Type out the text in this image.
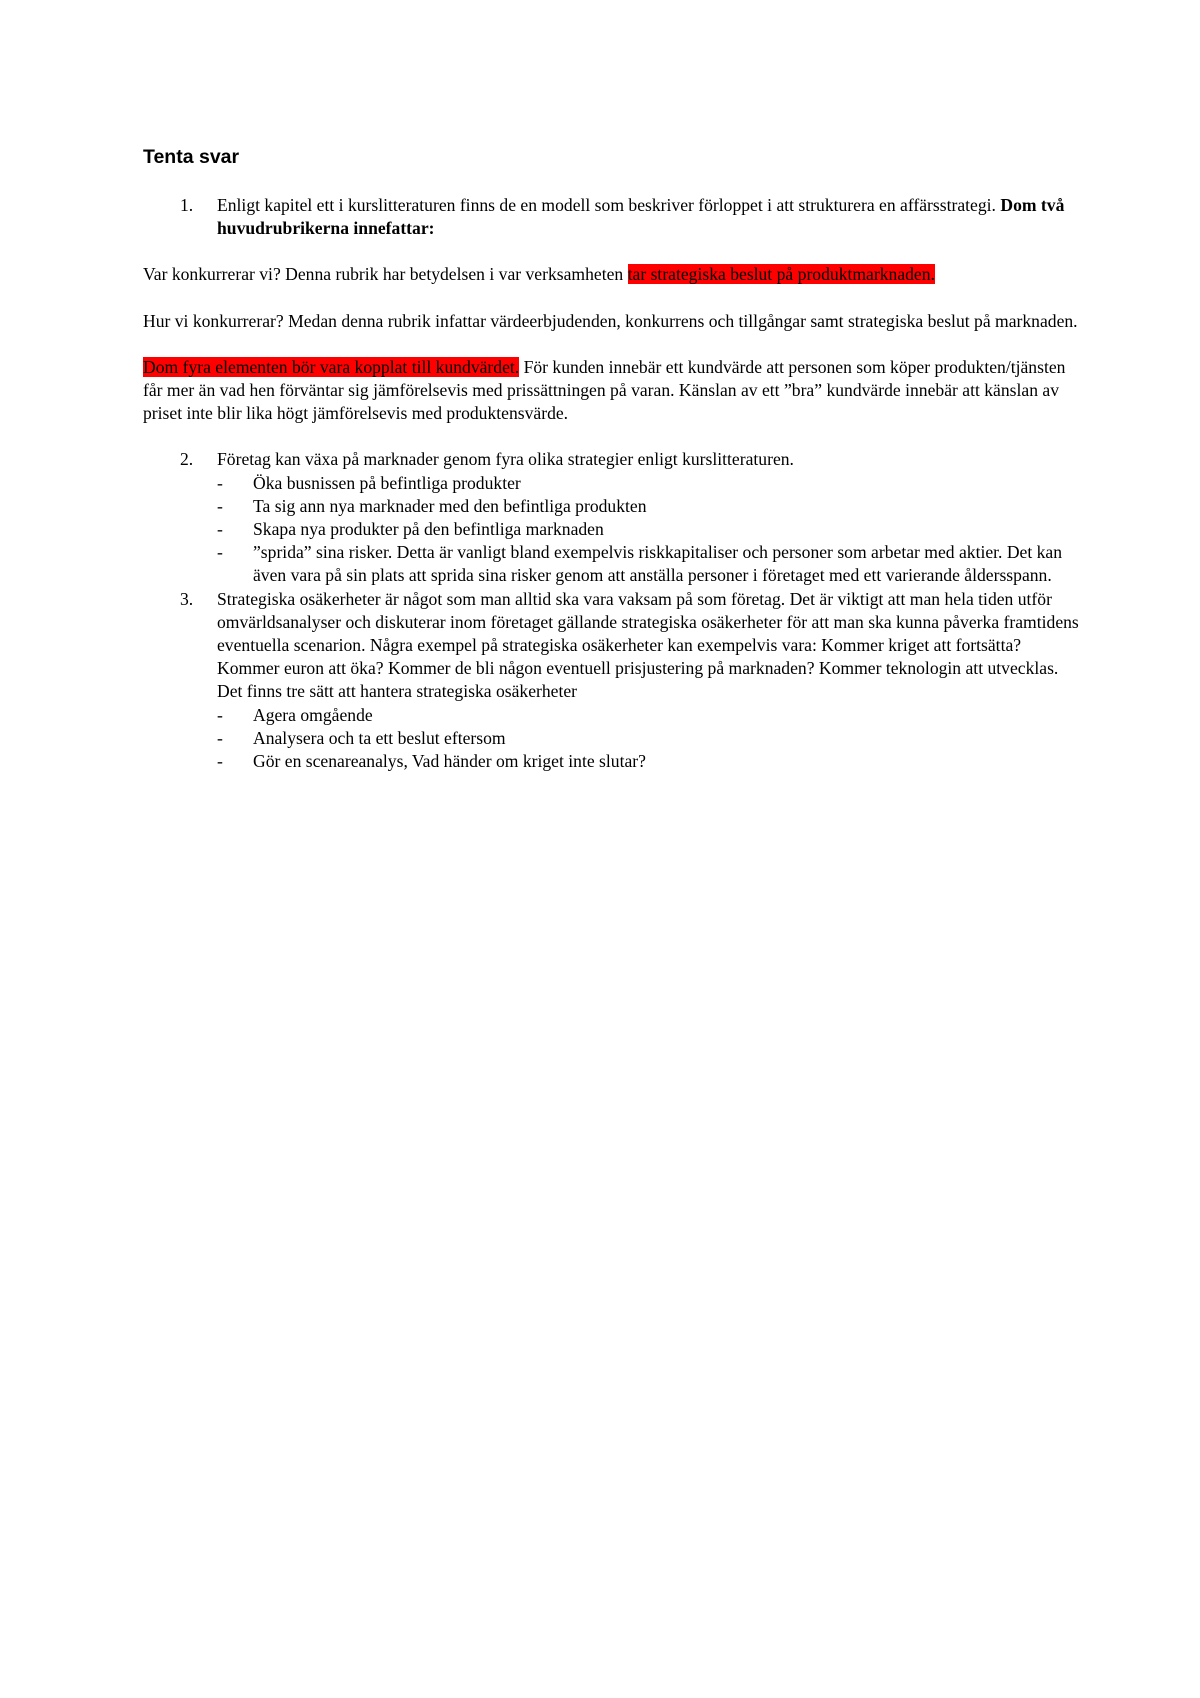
Tenta svar
1.	Enligt kapitel ett i kurslitteraturen finns de en modell som beskriver förloppet i att strukturera en affärsstrategi. Dom två huvudrubrikerna innefattar:

Var konkurrerar vi? Denna rubrik har betydelsen i var verksamheten tar strategiska beslut på produktmarknaden.

Hur vi konkurrerar? Medan denna rubrik infattar värdeerbjudenden, konkurrens och tillgångar samt strategiska beslut på marknaden.

Dom fyra elementen bör vara kopplat till kundvärdet. För kunden innebär ett kundvärde att personen som köper produkten/tjänsten får mer än vad hen förväntar sig jämförelsevis med prissättningen på varan. Känslan av ett ”bra” kundvärde innebär att känslan av priset inte blir lika högt jämförelsevis med produktensvärde.

2.	Företag kan växa på marknader genom fyra olika strategier enligt kurslitteraturen.

-	Öka busnissen på befintliga produkter
-	Ta sig ann nya marknader med den befintliga produkten
-	Skapa nya produkter på den befintliga marknaden
-	”sprida” sina risker. Detta är vanligt bland exempelvis riskkapitaliser och personer som arbetar med aktier. Det kan även vara på sin plats att sprida sina risker genom att anställa personer i företaget med ett varierande åldersspann.
3.	Strategiska osäkerheter är något som man alltid ska vara vaksam på som företag. Det är viktigt att man hela tiden utför omvärldsanalyser och diskuterar inom företaget gällande strategiska osäkerheter för att man ska kunna påverka framtidens eventuella scenarion. Några exempel på strategiska osäkerheter kan exempelvis vara: Kommer kriget att fortsätta? Kommer euron att öka? Kommer de bli någon eventuell prisjustering på marknaden? Kommer teknologin att utvecklas. Det finns tre sätt att hantera strategiska osäkerheter

-	Agera omgående
-	Analysera och ta ett beslut eftersom
-	Gör en scenareanalys, Vad händer om kriget inte slutar?
